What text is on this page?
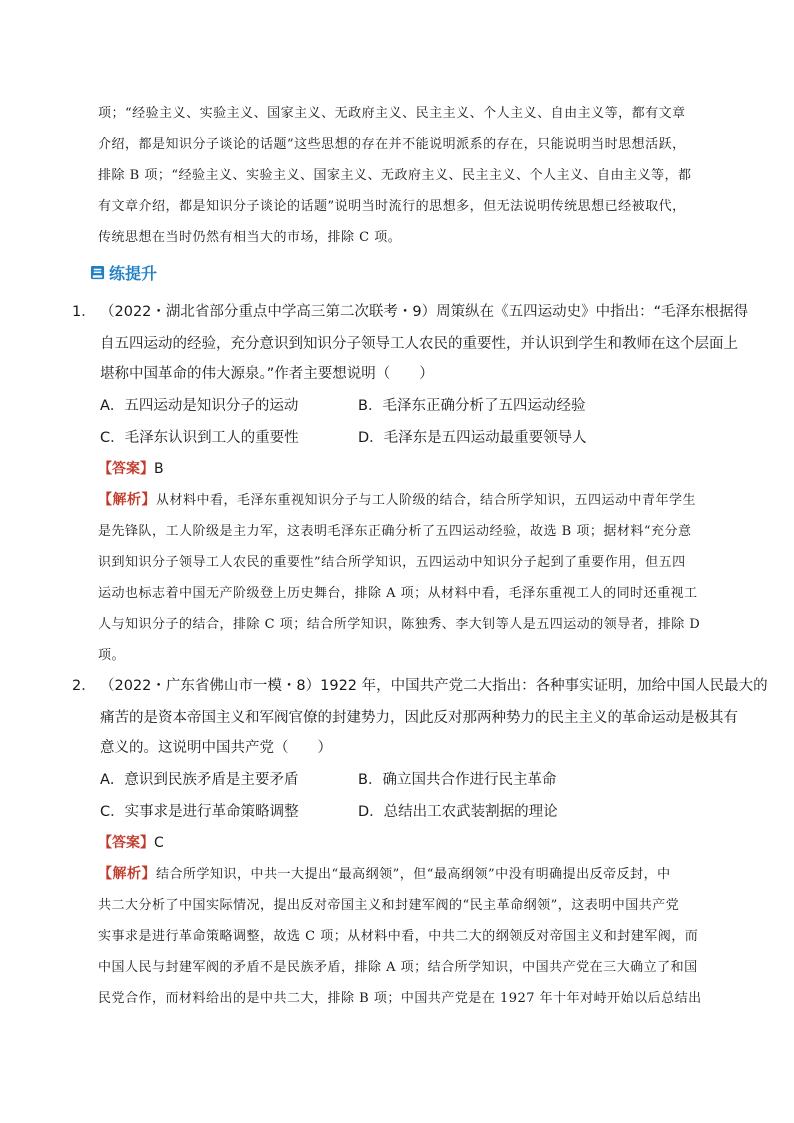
项；“经验主义、实验主义、国家主义、无政府主义、民主主义、个人主义、自由主义等，都有文章
介绍，都是知识分子谈论的话题”这些思想的存在并不能说明派系的存在，只能说明当时思想活跃，
排除 B 项；“经验主义、实验主义、国家主义、无政府主义、民主主义、个人主义、自由主义等，都
有文章介绍，都是知识分子谈论的话题”说明当时流行的思想多，但无法说明传统思想已经被取代，
传统思想在当时仍然有相当大的市场，排除 C 项。
练提升
1． （2022・湖北省部分重点中学高三第二次联考・9）周策纵在《五四运动史》中指出：“毛泽东根据得
自五四运动的经验，充分意识到知识分子领导工人农民的重要性，并认识到学生和教师在这个层面上
堪称中国革命的伟大源泉。”作者主要想说明（　　）
A．五四运动是知识分子的运动	B．毛泽东正确分析了五四运动经验
C．毛泽东认识到工人的重要性	D．毛泽东是五四运动最重要领导人
【答案】B
【解析】从材料中看，毛泽东重视知识分子与工人阶级的结合，结合所学知识，五四运动中青年学生
是先锋队，工人阶级是主力军，这表明毛泽东正确分析了五四运动经验，故选 B 项；据材料“充分意
识到知识分子领导工人农民的重要性”结合所学知识，五四运动中知识分子起到了重要作用，但五四
运动也标志着中国无产阶级登上历史舞台，排除 A 项；从材料中看，毛泽东重视工人的同时还重视工
人与知识分子的结合，排除 C 项；结合所学知识，陈独秀、李大钊等人是五四运动的领导者，排除 D
项。
2． （2022・广东省佛山市一模・8）1922 年，中国共产党二大指出：各种事实证明，加给中国人民最大的
痛苦的是资本帝国主义和军阀官僚的封建势力，因此反对那两种势力的民主主义的革命运动是极其有
意义的。这说明中国共产党（　　）
A．意识到民族矛盾是主要矛盾	B．确立国共合作进行民主革命
C．实事求是进行革命策略调整	D．总结出工农武装割据的理论
【答案】C
【解析】结合所学知识，中共一大提出“最高纲领”，但“最高纲领”中没有明确提出反帝反封，中
共二大分析了中国实际情况，提出反对帝国主义和封建军阀的“民主革命纲领”，这表明中国共产党
实事求是进行革命策略调整，故选 C 项；从材料中看，中共二大的纲领反对帝国主义和封建军阀，而
中国人民与封建军阀的矛盾不是民族矛盾，排除 A 项；结合所学知识，中国共产党在三大确立了和国
民党合作，而材料给出的是中共二大，排除 B 项；中国共产党是在 1927 年十年对峙开始以后总结出
